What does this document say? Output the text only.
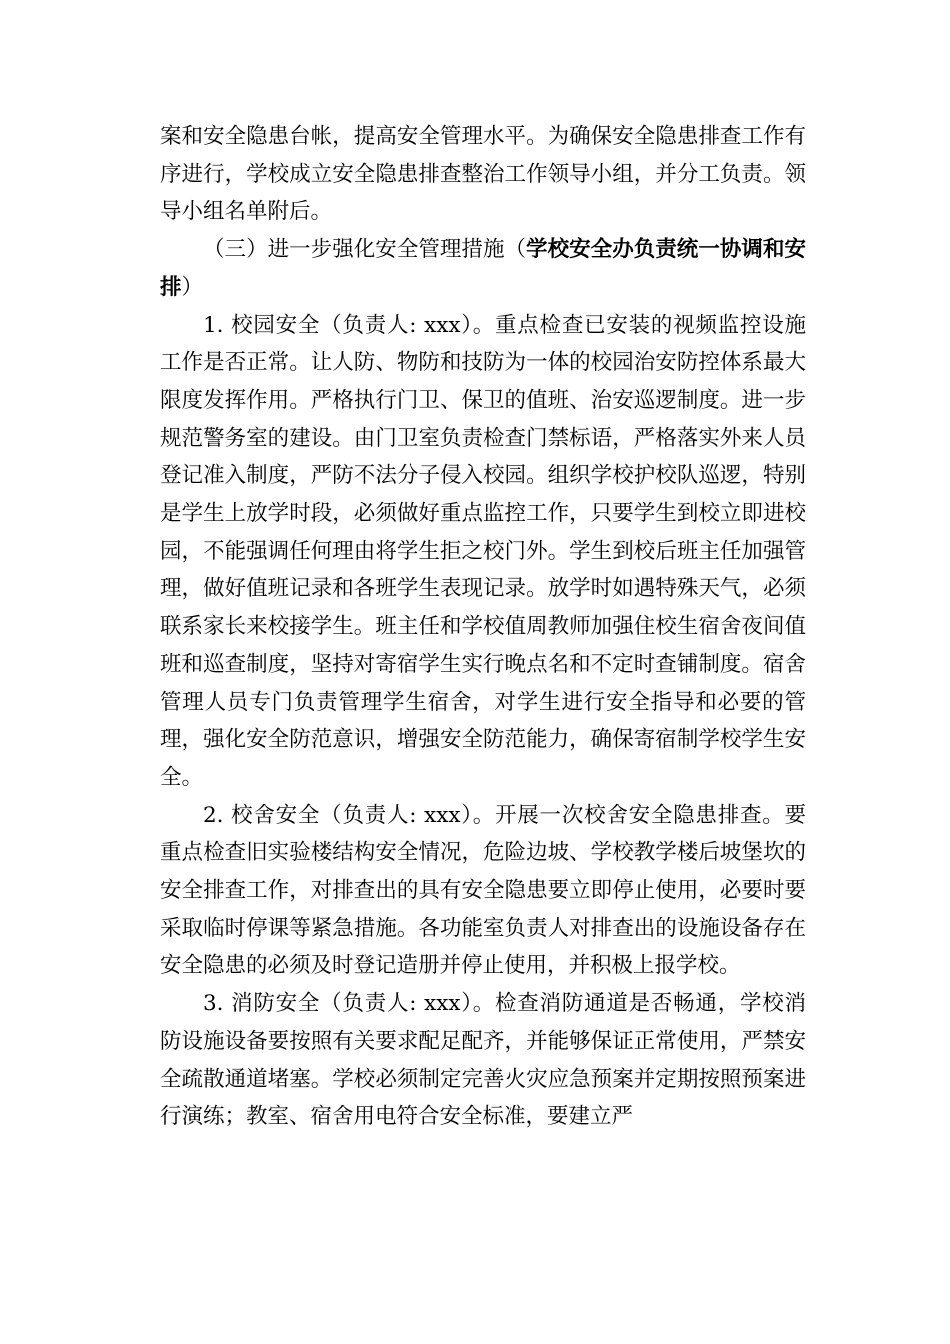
案和安全隐患台帐，提高安全管理水平。为确保安全隐患排查工作有序进行，学校成立安全隐患排查整治工作领导小组，并分工负责。领导小组名单附后。

（三）进一步强化安全管理措施（学校安全办负责统一协调和安排）

1. 校园安全（负责人: xxx）。重点检查已安装的视频监控设施工作是否正常。让人防、物防和技防为一体的校园治安防控体系最大限度发挥作用。严格执行门卫、保卫的值班、治安巡逻制度。进一步规范警务室的建设。由门卫室负责检查门禁标语，严格落实外来人员登记准入制度，严防不法分子侵入校园。组织学校护校队巡逻，特别是学生上放学时段，必须做好重点监控工作，只要学生到校立即进校园，不能强调任何理由将学生拒之校门外。学生到校后班主任加强管理，做好值班记录和各班学生表现记录。放学时如遇特殊天气，必须联系家长来校接学生。班主任和学校值周教师加强住校生宿舍夜间值班和巡查制度，坚持对寄宿学生实行晚点名和不定时查铺制度。宿舍管理人员专门负责管理学生宿舍，对学生进行安全指导和必要的管理，强化安全防范意识，增强安全防范能力，确保寄宿制学校学生安全。

2. 校舍安全（负责人: xxx）。开展一次校舍安全隐患排查。要重点检查旧实验楼结构安全情况，危险边坡、学校教学楼后坡堡坎的安全排查工作，对排查出的具有安全隐患要立即停止使用，必要时要采取临时停课等紧急措施。各功能室负责人对排查出的设施设备存在安全隐患的必须及时登记造册并停止使用，并积极上报学校。

3. 消防安全（负责人: xxx）。检查消防通道是否畅通，学校消防设施设备要按照有关要求配足配齐，并能够保证正常使用，严禁安全疏散通道堵塞。学校必须制定完善火灾应急预案并定期按照预案进行演练；教室、宿舍用电符合安全标准，要建立严
